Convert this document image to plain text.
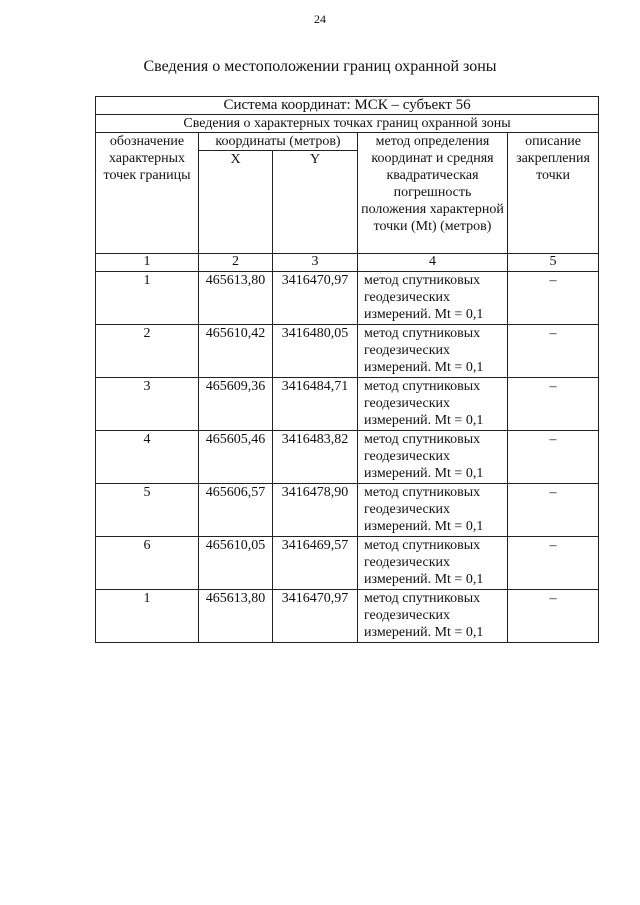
24
Сведения о местоположении границ охранной зоны
Система координат: МСК – субъект 56				
Сведения о характерных точках границ охранной зоны				
обозначение характерных точек границы	координаты (метров)		метод определения координат и средняя квадратическая погрешность положения характерной точки (Mt) (метров)	описание закрепления точки
	X	Y		
1	2	3	4	5
1	465613,80	3416470,97	метод спутниковых геодезических измерений. Mt = 0,1	–
2	465610,42	3416480,05	метод спутниковых геодезических измерений. Mt = 0,1	–
3	465609,36	3416484,71	метод спутниковых геодезических измерений. Mt = 0,1	–
4	465605,46	3416483,82	метод спутниковых геодезических измерений. Mt = 0,1	–
5	465606,57	3416478,90	метод спутниковых геодезических измерений. Mt = 0,1	–
6	465610,05	3416469,57	метод спутниковых геодезических измерений. Mt = 0,1	–
1	465613,80	3416470,97	метод спутниковых геодезических измерений. Mt = 0,1	–
